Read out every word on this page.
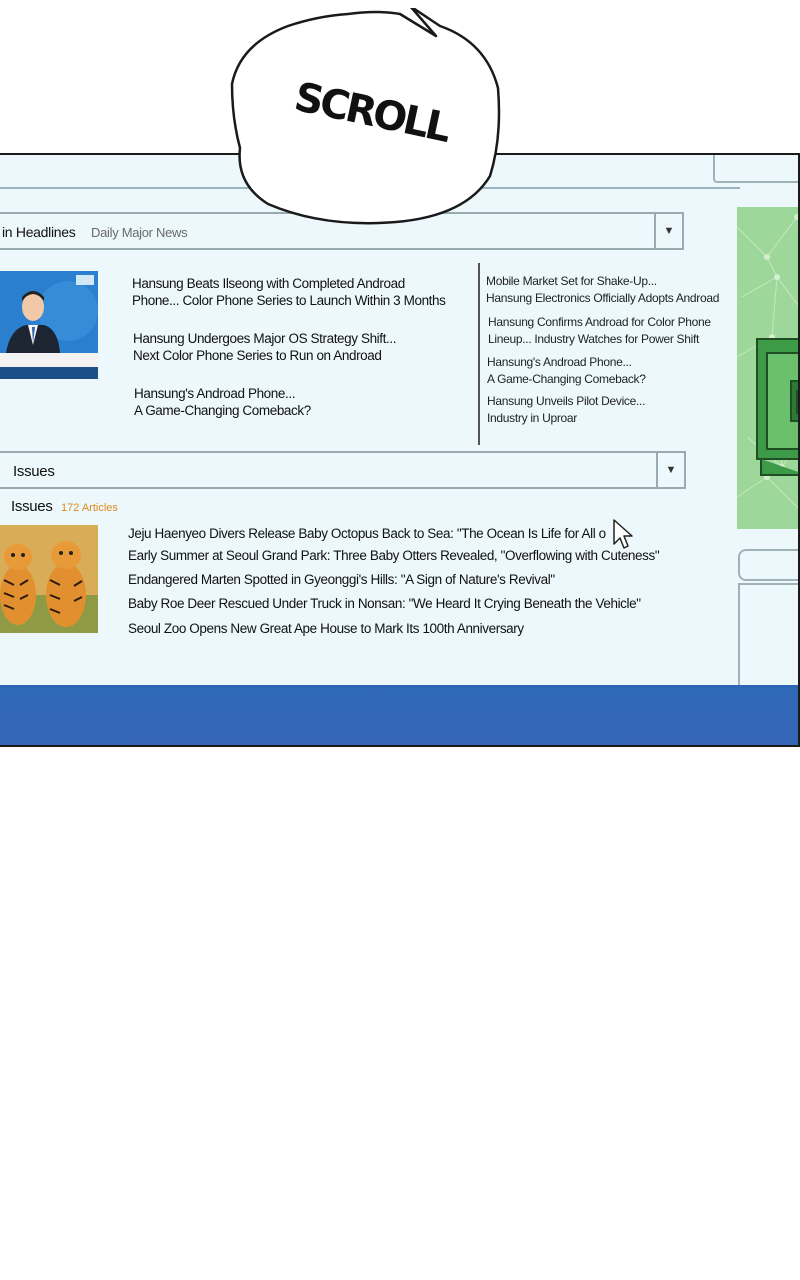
in Headlines Daily Major News	▼
Hansung Beats Ilseong with Completed Androad
Phone... Color Phone Series to Launch Within 3 Months
Hansung Undergoes Major OS Strategy Shift...
Next Color Phone Series to Run on Androad
Hansung's Androad Phone...
A Game-Changing Comeback?
Mobile Market Set for Shake-Up...
Hansung Electronics Officially Adopts Androad
Hansung Confirms Androad for Color Phone
Lineup... Industry Watches for Power Shift
Hansung's Androad Phone...
A Game-Changing Comeback?
Hansung Unveils Pilot Device...
Industry in Uproar
Issues	▼
Issues 172 Articles
Jeju Haenyeo Divers Release Baby Octopus Back to Sea: "The Ocean Is Life for All o
Early Summer at Seoul Grand Park: Three Baby Otters Revealed, "Overflowing with Cuteness"
Endangered Marten Spotted in Gyeonggi's Hills: "A Sign of Nature's Revival"
Baby Roe Deer Rescued Under Truck in Nonsan: "We Heard It Crying Beneath the Vehicle"
Seoul Zoo Opens New Great Ape House to Mark Its 100th Anniversary
SCROLL
